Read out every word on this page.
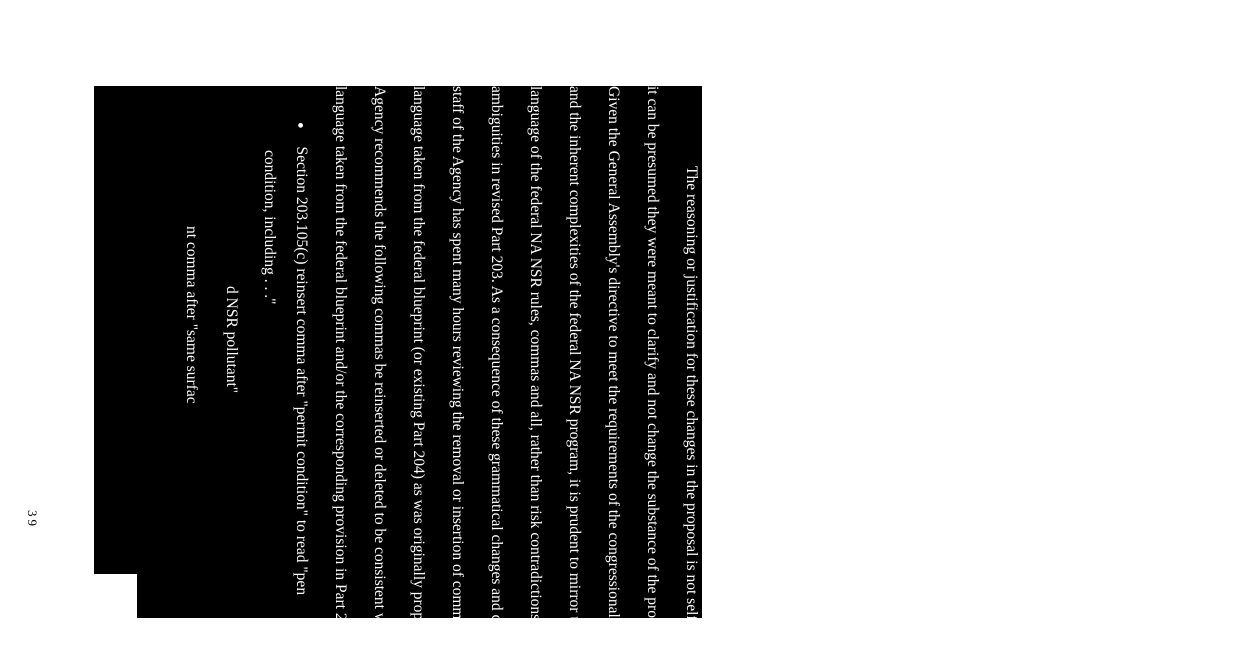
39	The reasoning or justification for these changes in the proposal is not self-evide
it can be presumed they were meant to clarify and not change the substance of the prop
Given the General Assembly's directive to meet the requirements of the congressional
and the inherent complexities of the federal NA NSR program, it is prudent to mirror tl
language of the federal NA NSR rules, commas and all, rather than risk contradictions
ambiguities in revised Part 203. As a consequence of these grammatical changes and c
staff of the Agency has spent many hours reviewing the removal or insertion of comma
language taken from the federal blueprint (or existing Part 204) as was originally propc
Agency recommends the following commas be reinserted or deleted to be consistent w
language taken from the federal blueprint and/or the corresponding provision in Part 2(
● Section 203.105(c) reinsert comma after "permit condition" to read "pen
condition, including . . ."
d NSR pollutant"
nt comma after "same surfac
Section 203.170 r	● Section 203.104(a)	sic"
● Section 203.150(b)
● Section 203.120(c) the phrase "or chang did not propose to ins	operation."
● Section 203.150 r	after "activities" beg
